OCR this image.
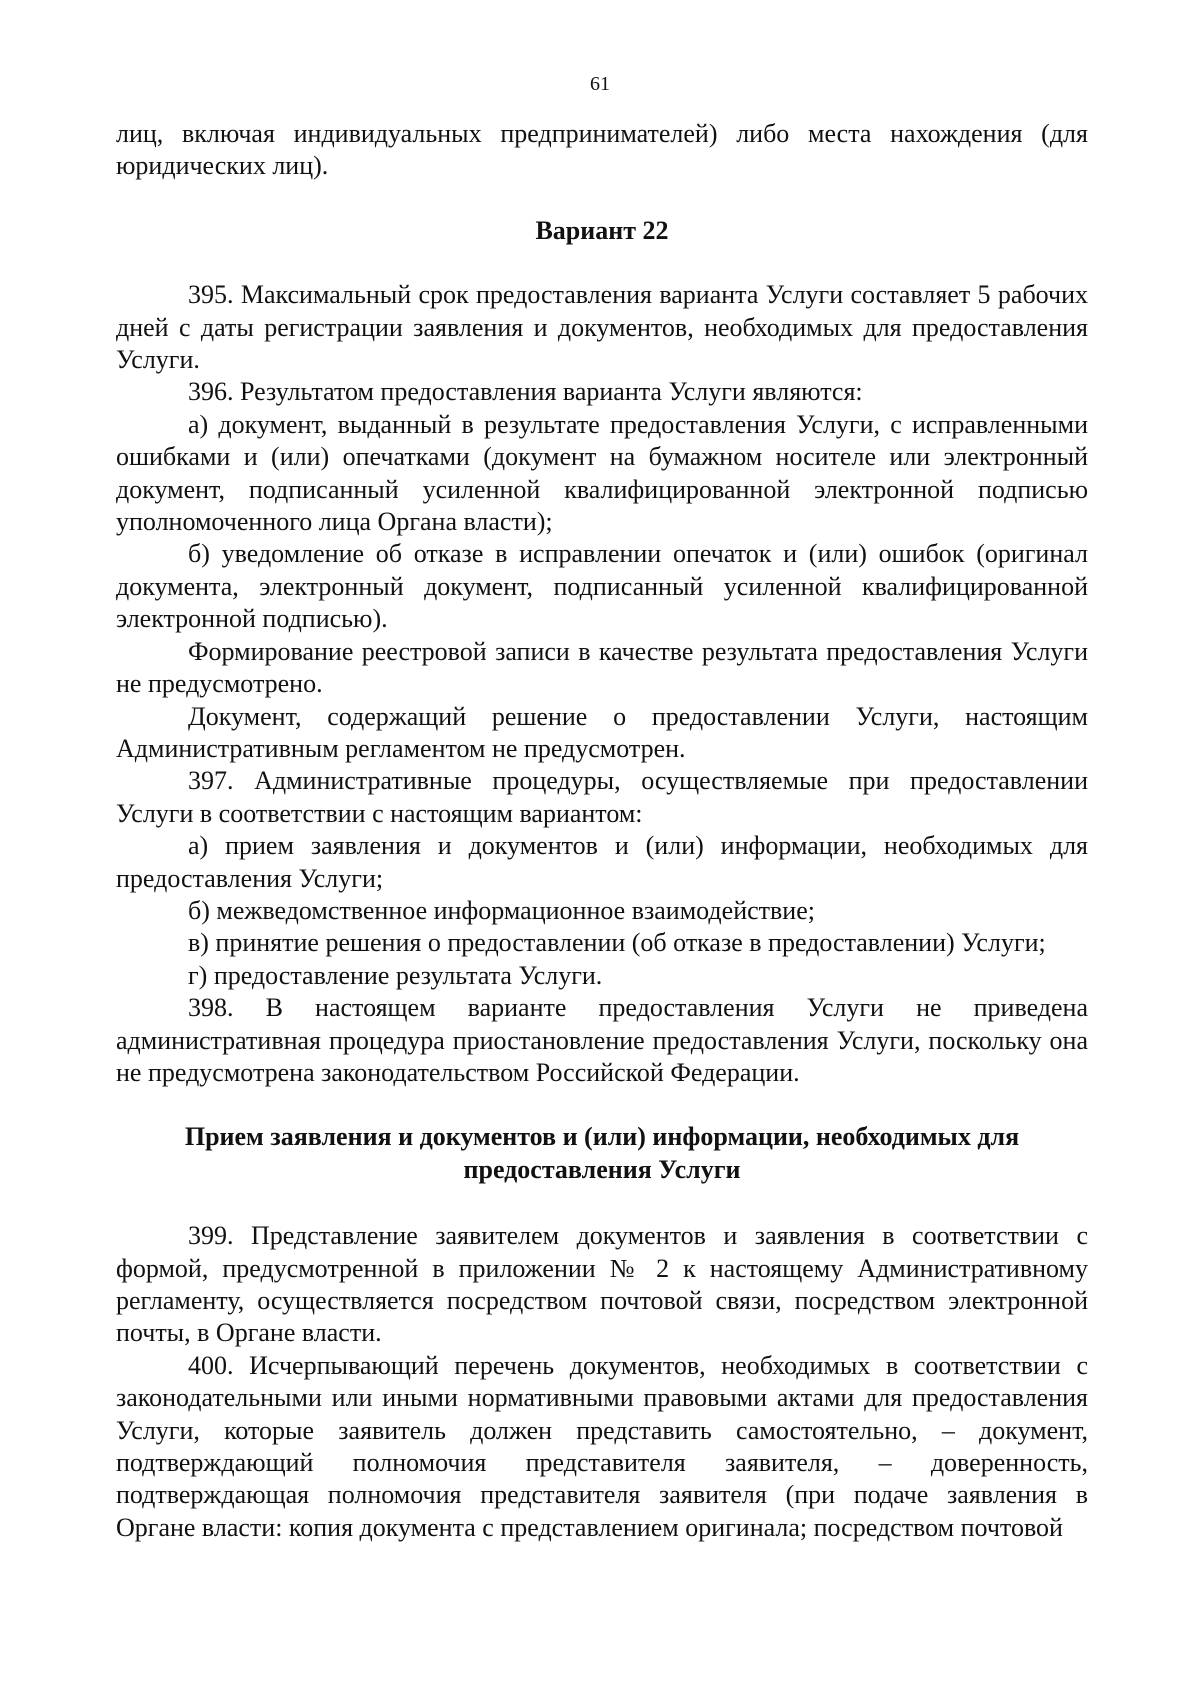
61

лиц, включая индивидуальных предпринимателей) либо места нахождения (для юридических лиц).

Вариант 22

395. Максимальный срок предоставления варианта Услуги составляет 5 рабочих дней с даты регистрации заявления и документов, необходимых для предоставления Услуги.

396. Результатом предоставления варианта Услуги являются:

а) документ, выданный в результате предоставления Услуги, с исправленными ошибками и (или) опечатками (документ на бумажном носителе или электронный документ, подписанный усиленной квалифицированной электронной подписью уполномоченного лица Органа власти);

б) уведомление об отказе в исправлении опечаток и (или) ошибок (оригинал документа, электронный документ, подписанный усиленной квалифицированной электронной подписью).

Формирование реестровой записи в качестве результата предоставления Услуги не предусмотрено.

Документ, содержащий решение о предоставлении Услуги, настоящим Административным регламентом не предусмотрен.

397. Административные процедуры, осуществляемые при предоставлении Услуги в соответствии с настоящим вариантом:

а) прием заявления и документов и (или) информации, необходимых для предоставления Услуги;

б) межведомственное информационное взаимодействие;

в) принятие решения о предоставлении (об отказе в предоставлении) Услуги;

г) предоставление результата Услуги.

398. В настоящем варианте предоставления Услуги не приведена административная процедура приостановление предоставления Услуги, поскольку она не предусмотрена законодательством Российской Федерации.

Прием заявления и документов и (или) информации, необходимых для предоставления Услуги

399. Представление заявителем документов и заявления в соответствии с формой, предусмотренной в приложении № 2 к настоящему Административному регламенту, осуществляется посредством почтовой связи, посредством электронной почты, в Органе власти.

400. Исчерпывающий перечень документов, необходимых в соответствии с законодательными или иными нормативными правовыми актами для предоставления Услуги, которые заявитель должен представить самостоятельно, – документ, подтверждающий полномочия представителя заявителя, – доверенность, подтверждающая полномочия представителя заявителя (при подаче заявления в Органе власти: копия документа с представлением оригинала; посредством почтовой
